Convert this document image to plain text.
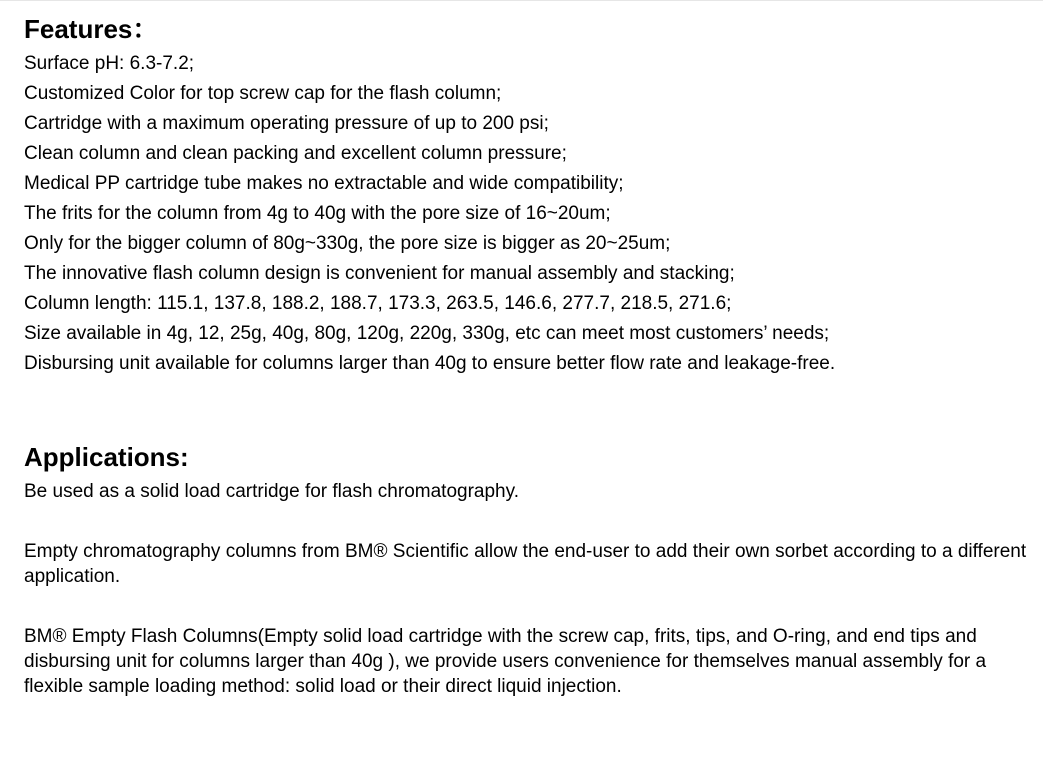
Features：
Surface pH: 6.3-7.2;
Customized Color for top screw cap for the flash column;
Cartridge with a maximum operating pressure of up to 200 psi;
Clean column and clean packing and excellent column pressure;
Medical PP cartridge tube makes no extractable and wide compatibility;
The frits for the column from 4g to 40g with the pore size of 16~20um;
Only for the bigger column of 80g~330g, the pore size is bigger as 20~25um;
The innovative flash column design is convenient for manual assembly and stacking;
Column length: 115.1, 137.8, 188.2, 188.7, 173.3, 263.5, 146.6, 277.7, 218.5, 271.6;
Size available in 4g, 12, 25g, 40g, 80g, 120g, 220g, 330g, etc can meet most customers’ needs;
Disbursing unit available for columns larger than 40g to ensure better flow rate and leakage-free.
Applications:

Be used as a solid load cartridge for flash chromatography.

Empty chromatography columns from BM® Scientific allow the end-user to add their own sorbet according to a different application.

BM® Empty Flash Columns(Empty solid load cartridge with the screw cap, frits, tips, and O-ring, and end tips and disbursing unit for columns larger than 40g ), we provide users convenience for themselves manual assembly for a flexible sample loading method: solid load or their direct liquid injection.
